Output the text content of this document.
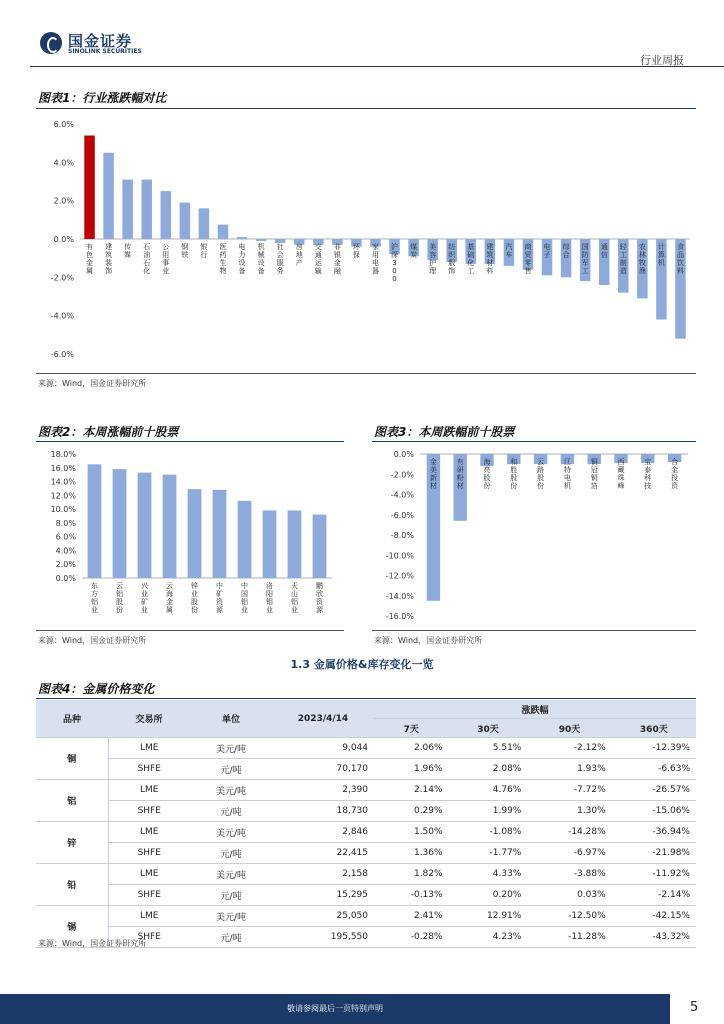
国金证券
SINOLINK SECURITIES
行业周报
图表1：行业涨跌幅对比
6.0%
4.0%
2.0%
0.0%
-2.0%
-4.0%
-6.0%
有色金属
建筑装饰
传媒
石油石化
公用事业
钢铁
银行
医药生物
电力设备
机械设备
社会服务
房地产
交通运输
非银金融
环保
家用电器
沪深 3 0 0
煤炭
美容护理
纺织服饰
基础化工
建筑材料
汽车
商贸零售
电子
综合
国防军工
通信
轻工制造
农林牧渔
计算机
食品饮料
来源：Wind，国金证券研究所
图表2：本周涨幅前十股票
18.0%
16.0%
14.0%
12.0%
10.0%
8.0%
6.0%
4.0%
2.0%
0.0%
东方铝业
云铝股份
兴业矿业
云海金属
锌业股份
中矿资源
中国铝业
洛阳钼业
天山铝业
鹏欣资源
来源：Wind，国金证券研究所
图表3：本周跌幅前十股票
0.0%
-2.0%
-4.0%
-6.0%
-8.0%
-10.0%
-12.0%
-14.0%
-16.0%
金美新材
有研粉材
海亮股份
和胜股份
云路股份
江特电机
铜冠铜箔
西藏珠峰
宝泰科技
合金投资
来源：Wind，国金证券研究所
1.3 金属价格&库存变化一览
图表4：金属价格变化
品种	交易所	单位	2023/4/14	涨跌幅			
				7天	30天	90天	360天
铜	LME	美元/吨	9,044	2.06%	5.51%	-2.12%	-12.39%
	SHFE	元/吨	70,170	1.96%	2.08%	1.93%	-6.63%
铝	LME	美元/吨	2,390	2.14%	4.76%	-7.72%	-26.57%
	SHFE	元/吨	18,730	0.29%	1.99%	1.30%	-15.06%
锌	LME	美元/吨	2,846	1.50%	-1.08%	-14.28%	-36.94%
	SHFE	元/吨	22,415	1.36%	-1.77%	-6.97%	-21.98%
铅	LME	美元/吨	2,158	1.82%	4.33%	-3.88%	-11.92%
	SHFE	元/吨	15,295	-0.13%	0.20%	0.03%	-2.14%
锡	LME	美元/吨	25,050	2.41%	12.91%	-12.50%	-42.15%
	SHFE	元/吨	195,550	-0.28%	4.23%	-11.28%	-43.32%
来源：Wind，国金证券研究所
敬请参阅最后一页特别声明	5
